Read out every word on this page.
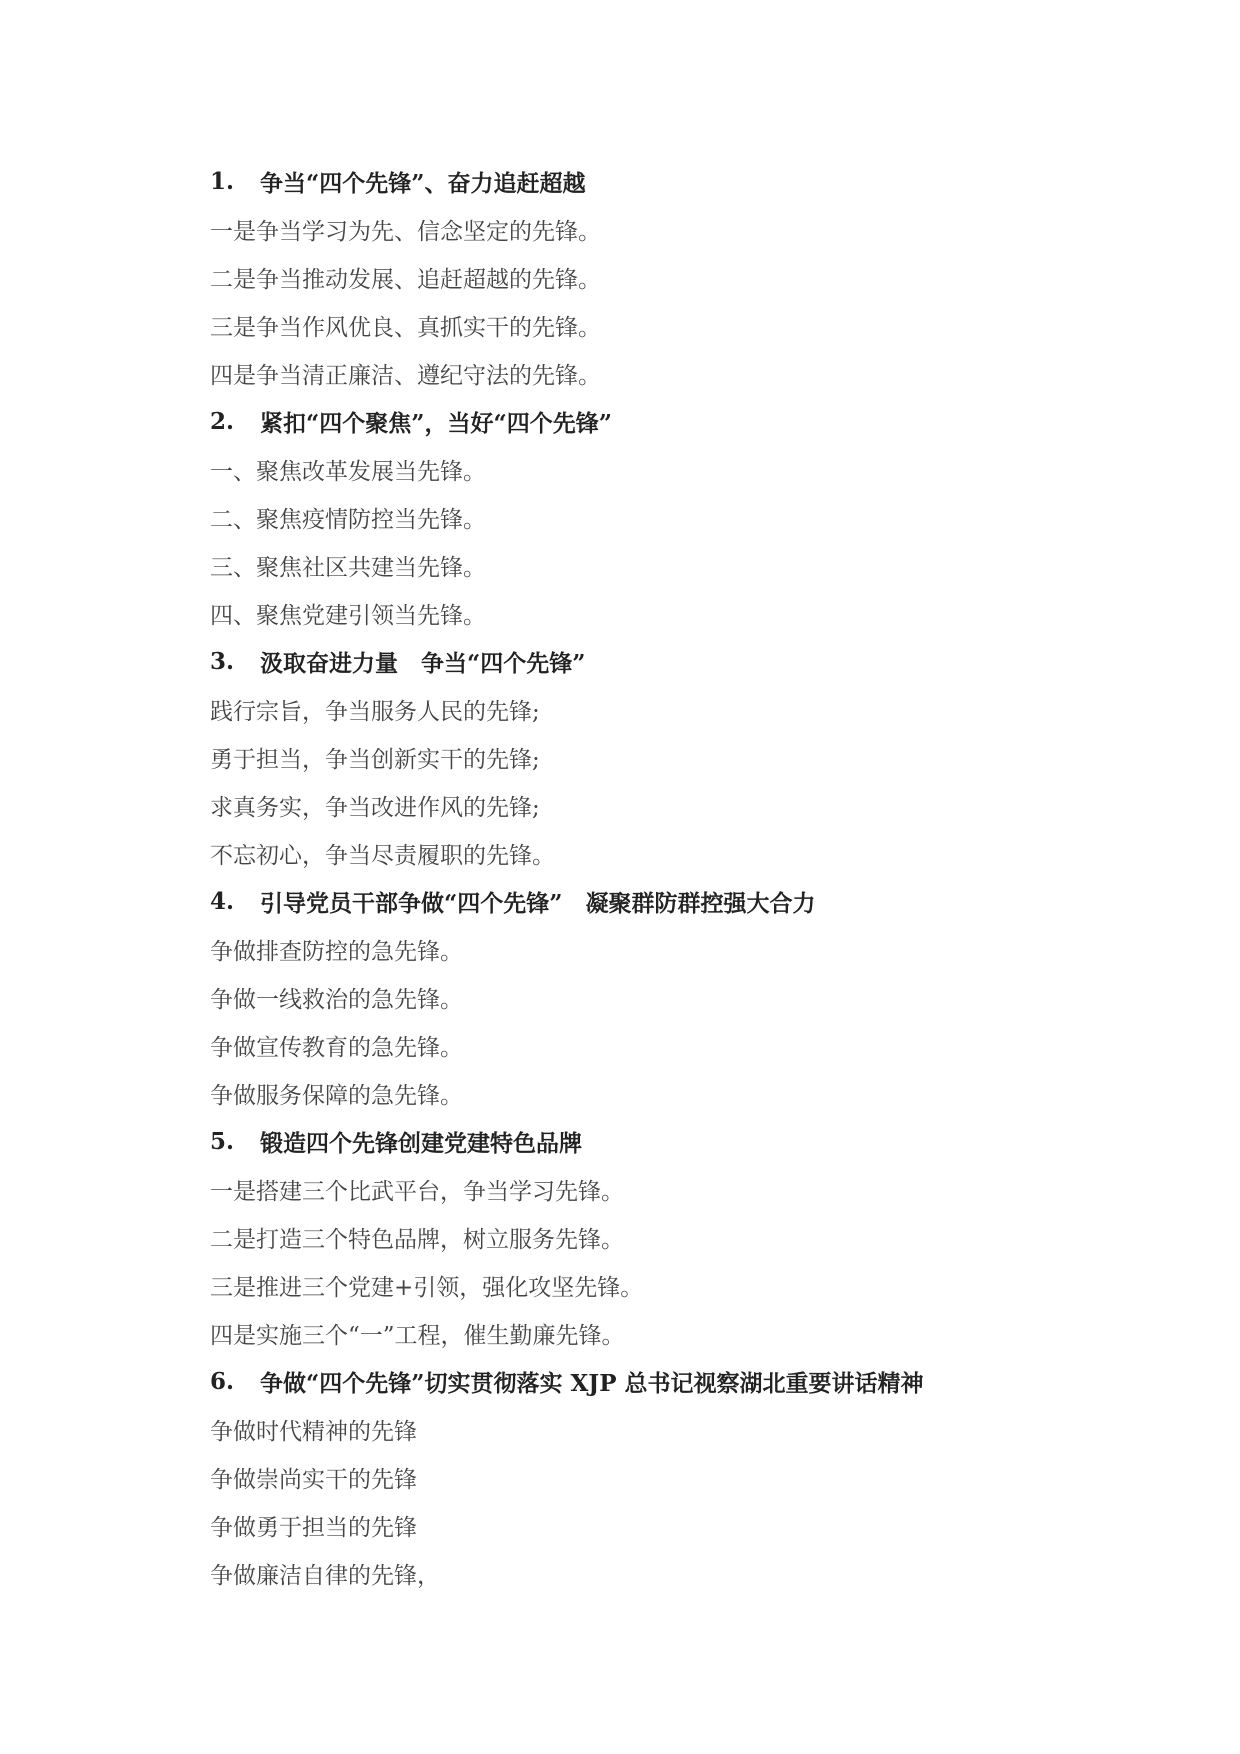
1.	争当“四个先锋”、奋力追赶超越
一是争当学习为先、信念坚定的先锋。
二是争当推动发展、追赶超越的先锋。
三是争当作风优良、真抓实干的先锋。
四是争当清正廉洁、遵纪守法的先锋。
2.	紧扣“四个聚焦”，当好“四个先锋”
一、聚焦改革发展当先锋。
二、聚焦疫情防控当先锋。
三、聚焦社区共建当先锋。
四、聚焦党建引领当先锋。
3.	汲取奋进力量　争当“四个先锋”
践行宗旨，争当服务人民的先锋;
勇于担当，争当创新实干的先锋;
求真务实，争当改进作风的先锋;
不忘初心，争当尽责履职的先锋。
4.	引导党员干部争做“四个先锋”　凝聚群防群控强大合力
争做排查防控的急先锋。
争做一线救治的急先锋。
争做宣传教育的急先锋。
争做服务保障的急先锋。
5.	锻造四个先锋创建党建特色品牌
一是搭建三个比武平台，争当学习先锋。
二是打造三个特色品牌，树立服务先锋。
三是推进三个党建+引领，强化攻坚先锋。
四是实施三个“一”工程，催生勤廉先锋。
6.	争做“四个先锋”切实贯彻落实 XJP 总书记视察湖北重要讲话精神
争做时代精神的先锋
争做崇尚实干的先锋
争做勇于担当的先锋
争做廉洁自律的先锋，
